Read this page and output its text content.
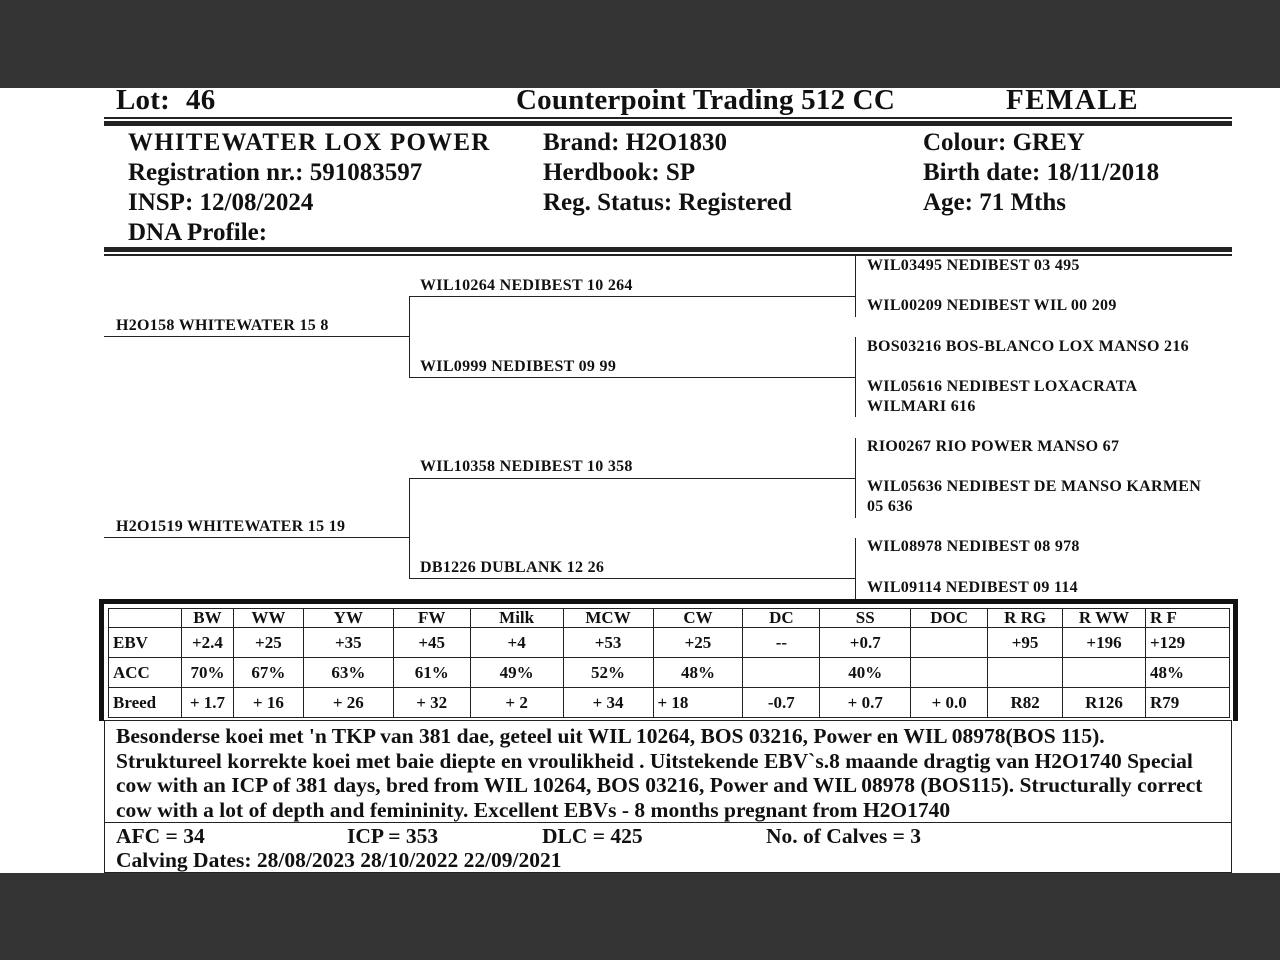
Lot: 46	Counterpoint Trading 512 CC	FEMALE
WHITEWATER LOX POWER
Registration nr.: 591083597
INSP: 12/08/2024
DNA Profile:
Brand: H2O1830
Herdbook: SP
Reg. Status: Registered
Colour: GREY
Birth date: 18/11/2018
Age: 71 Mths
H2O158 WHITEWATER 15 8
H2O1519 WHITEWATER 15 19
WIL10264 NEDIBEST 10 264
WIL0999 NEDIBEST 09 99
WIL10358 NEDIBEST 10 358
DB1226 DUBLANK 12 26
WIL03495 NEDIBEST 03 495
WIL00209 NEDIBEST WIL 00 209
BOS03216 BOS-BLANCO LOX MANSO 216
WIL05616 NEDIBEST LOXACRATA
WILMARI 616
RIO0267 RIO POWER MANSO 67
WIL05636 NEDIBEST DE MANSO KARMEN
05 636
WIL08978 NEDIBEST 08 978
WIL09114 NEDIBEST 09 114
	BW	WW	YW	FW	Milk	MCW	CW	DC	SS	DOC	R RG	R WW	R F
EBV	+2.4	+25	+35	+45	+4	+53	+25	--	+0.7		+95	+196	+129
ACC	70%	67%	63%	61%	49%	52%	48%		40%				48%
Breed	+ 1.7	+ 16	+ 26	+ 32	+ 2	+ 34	+ 18	-0.7	+ 0.7	+ 0.0	R82	R126	R79
Besonderse koei met 'n TKP van 381 dae, geteel uit WIL 10264, BOS 03216, Power en WIL 08978(BOS 115).
Struktureel korrekte koei met baie diepte en vroulikheid . Uitstekende EBV`s.8 maande dragtig van H2O1740 Special
cow with an ICP of 381 days, bred from WIL 10264, BOS 03216, Power and WIL 08978 (BOS115). Structurally correct
cow with a lot of depth and femininity. Excellent EBVs - 8 months pregnant from H2O1740
AFC = 34	ICP = 353	DLC = 425	No. of Calves = 3
Calving Dates: 28/08/2023 28/10/2022 22/09/2021
